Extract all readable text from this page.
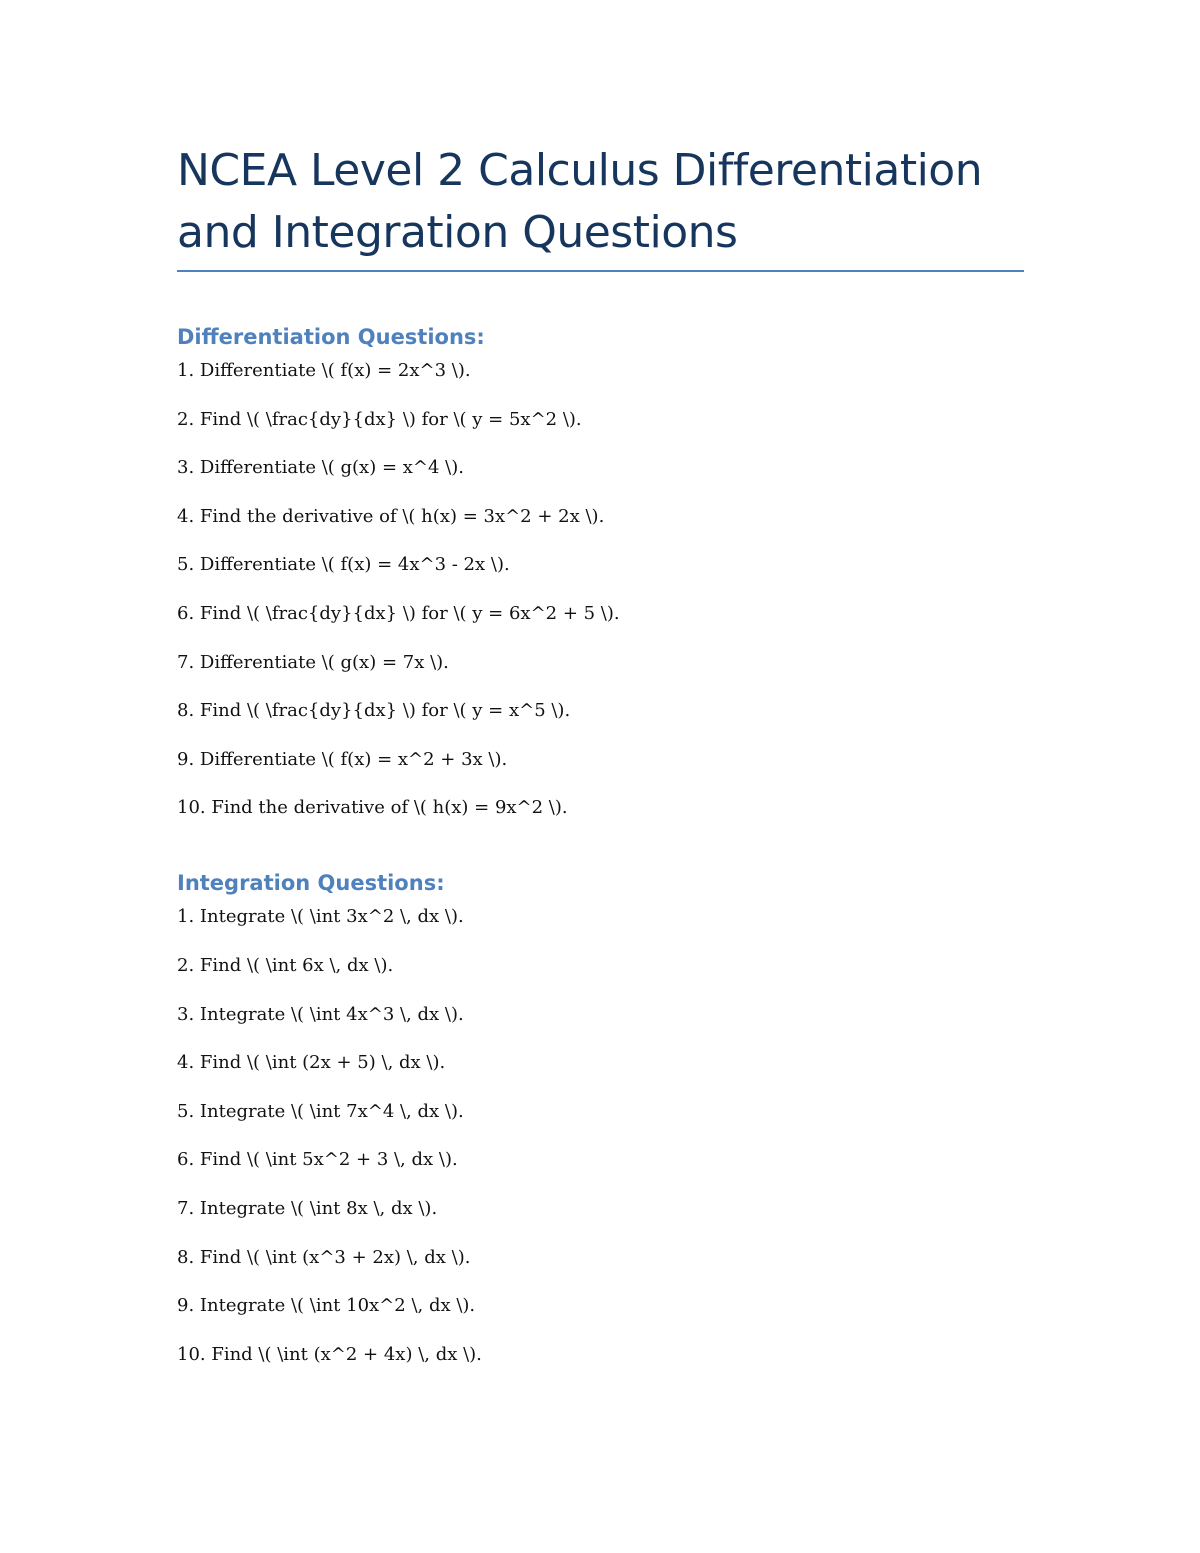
NCEA Level 2 Calculus Differentiation and Integration Questions
Differentiation Questions:
1. Differentiate \( f(x) = 2x^3 \).
2. Find \( \frac{dy}{dx} \) for \( y = 5x^2 \).
3. Differentiate \( g(x) = x^4 \).
4. Find the derivative of \( h(x) = 3x^2 + 2x \).
5. Differentiate \( f(x) = 4x^3 - 2x \).
6. Find \( \frac{dy}{dx} \) for \( y = 6x^2 + 5 \).
7. Differentiate \( g(x) = 7x \).
8. Find \( \frac{dy}{dx} \) for \( y = x^5 \).
9. Differentiate \( f(x) = x^2 + 3x \).
10. Find the derivative of \( h(x) = 9x^2 \).
Integration Questions:
1. Integrate \( \int 3x^2 \, dx \).
2. Find \( \int 6x \, dx \).
3. Integrate \( \int 4x^3 \, dx \).
4. Find \( \int (2x + 5) \, dx \).
5. Integrate \( \int 7x^4 \, dx \).
6. Find \( \int 5x^2 + 3 \, dx \).
7. Integrate \( \int 8x \, dx \).
8. Find \( \int (x^3 + 2x) \, dx \).
9. Integrate \( \int 10x^2 \, dx \).
10. Find \( \int (x^2 + 4x) \, dx \).
